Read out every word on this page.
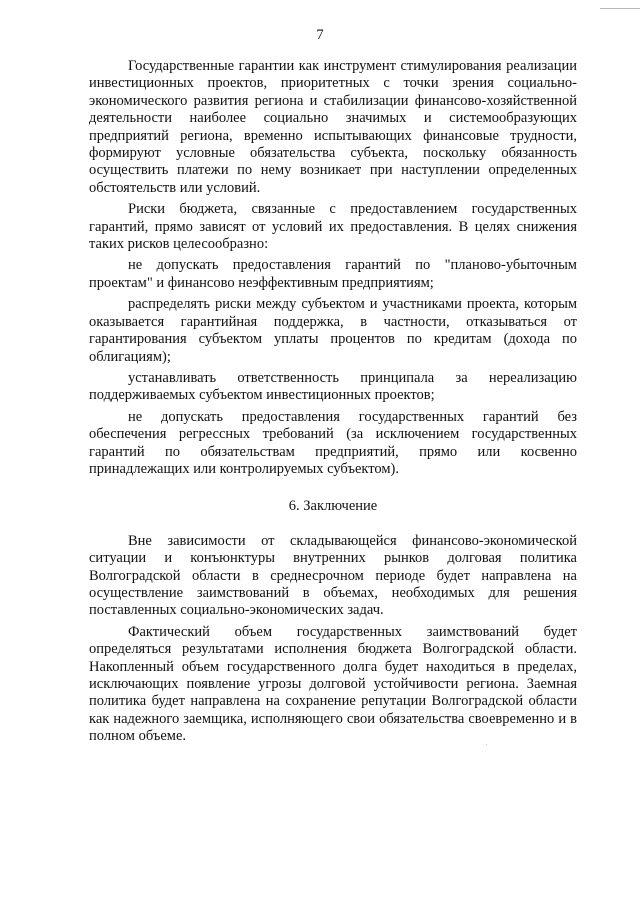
7

Государственные гарантии как инструмент стимулирования реализации инвестиционных проектов, приоритетных с точки зрения социально-экономического развития региона и стабилизации финансово-хозяйственной деятельности наиболее социально значимых и системообразующих предприятий региона, временно испытывающих финансовые трудности, формируют условные обязательства субъекта, поскольку обязанность осуществить платежи по нему возникает при наступлении определенных обстоятельств или условий.

Риски бюджета, связанные с предоставлением государственных гарантий, прямо зависят от условий их предоставления. В целях снижения таких рисков целесообразно:

не допускать предоставления гарантий по "планово-убыточным проектам" и финансово неэффективным предприятиям;

распределять риски между субъектом и участниками проекта, которым оказывается гарантийная поддержка, в частности, отказываться от гарантирования субъектом уплаты процентов по кредитам (дохода по облигациям);

устанавливать ответственность принципала за нереализацию поддерживаемых субъектом инвестиционных проектов;

не допускать предоставления государственных гарантий без обеспечения регрессных требований (за исключением государственных гарантий по обязательствам предприятий, прямо или косвенно принадлежащих или контролируемых субъектом).

6. Заключение

Вне зависимости от складывающейся финансово-экономической ситуации и конъюнктуры внутренних рынков долговая политика Волгоградской области в среднесрочном периоде будет направлена на осуществление заимствований в объемах, необходимых для решения поставленных социально-экономических задач.

Фактический объем государственных заимствований будет определяться результатами исполнения бюджета Волгоградской области. Накопленный объем государственного долга будет находиться в пределах, исключающих появление угрозы долговой устойчивости региона. Заемная политика будет направлена на сохранение репутации Волгоградской области как надежного заемщика, исполняющего свои обязательства своевременно и в полном объеме.
